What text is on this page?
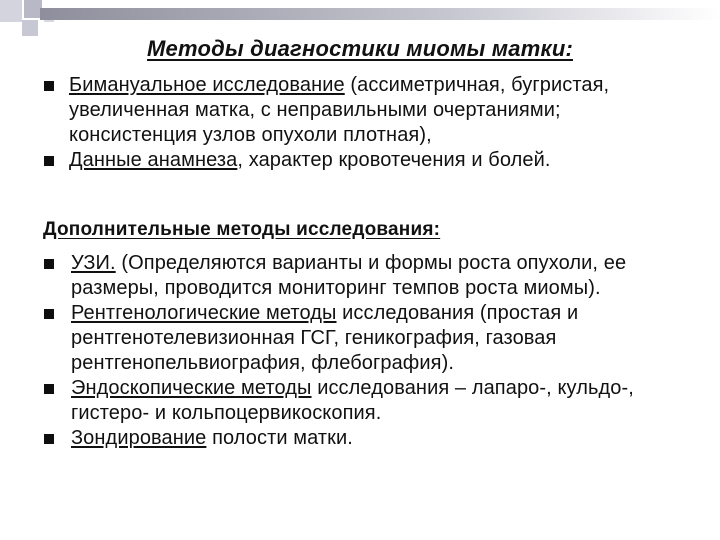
Методы диагностики миомы матки:
Бимануальное исследование (ассиметричная, бугристая, увеличенная матка, с неправильными очертаниями; консистенция узлов опухоли плотная),
Данные анамнеза, характер кровотечения и болей.
Дополнительные методы исследования:
УЗИ. (Определяются варианты и формы роста опухоли, ее размеры, проводится мониторинг темпов роста миомы).
Рентгенологические методы исследования (простая и рентгенотелевизионная ГСГ, геникография, газовая рентгенопельвиография, флебография).
Эндоскопические методы исследования – лапаро-, кульдо-, гистеро- и кольпоцервикоскопия.
Зондирование полости матки.
